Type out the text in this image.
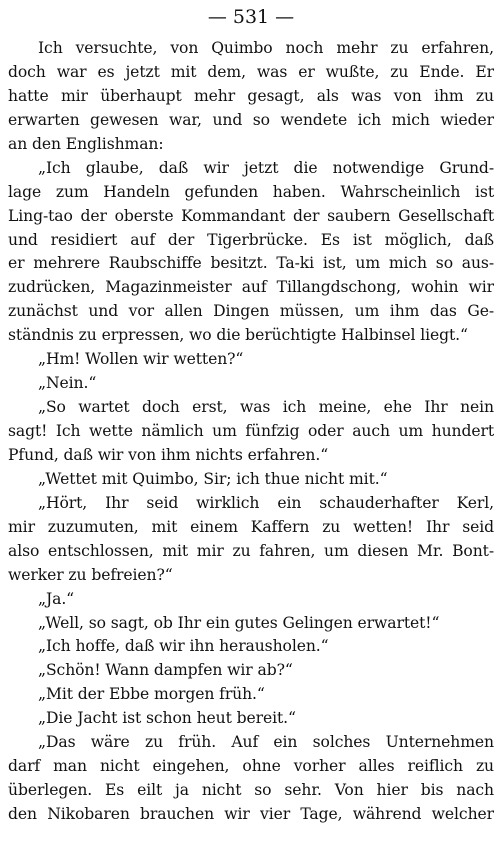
— 531 —
Ich versuchte, von Quimbo noch mehr zu erfahren,
doch war es jetzt mit dem, was er wußte, zu Ende. Er
hatte mir überhaupt mehr gesagt, als was von ihm zu
erwarten gewesen war, und so wendete ich mich wieder
an den Englishman:
„Ich glaube, daß wir jetzt die notwendige Grund-
lage zum Handeln gefunden haben. Wahrscheinlich ist
Ling-tao der oberste Kommandant der saubern Gesellschaft
und residiert auf der Tigerbrücke. Es ist möglich, daß
er mehrere Raubschiffe besitzt. Ta-ki ist, um mich so aus-
zudrücken, Magazinmeister auf Tillangdschong, wohin wir
zunächst und vor allen Dingen müssen, um ihm das Ge-
ständnis zu erpressen, wo die berüchtigte Halbinsel liegt.“
„Hm! Wollen wir wetten?“
„Nein.“
„So wartet doch erst, was ich meine, ehe Ihr nein
sagt! Ich wette nämlich um fünfzig oder auch um hundert
Pfund, daß wir von ihm nichts erfahren.“
„Wettet mit Quimbo, Sir; ich thue nicht mit.“
„Hört, Ihr seid wirklich ein schauderhafter Kerl,
mir zuzumuten, mit einem Kaffern zu wetten! Ihr seid
also entschlossen, mit mir zu fahren, um diesen Mr. Bont-
werker zu befreien?“
„Ja.“
„Well, so sagt, ob Ihr ein gutes Gelingen erwartet!“
„Ich hoffe, daß wir ihn herausholen.“
„Schön! Wann dampfen wir ab?“
„Mit der Ebbe morgen früh.“
„Die Jacht ist schon heut bereit.“
„Das wäre zu früh. Auf ein solches Unternehmen
darf man nicht eingehen, ohne vorher alles reiflich zu
überlegen. Es eilt ja nicht so sehr. Von hier bis nach
den Nikobaren brauchen wir vier Tage, während welcher
